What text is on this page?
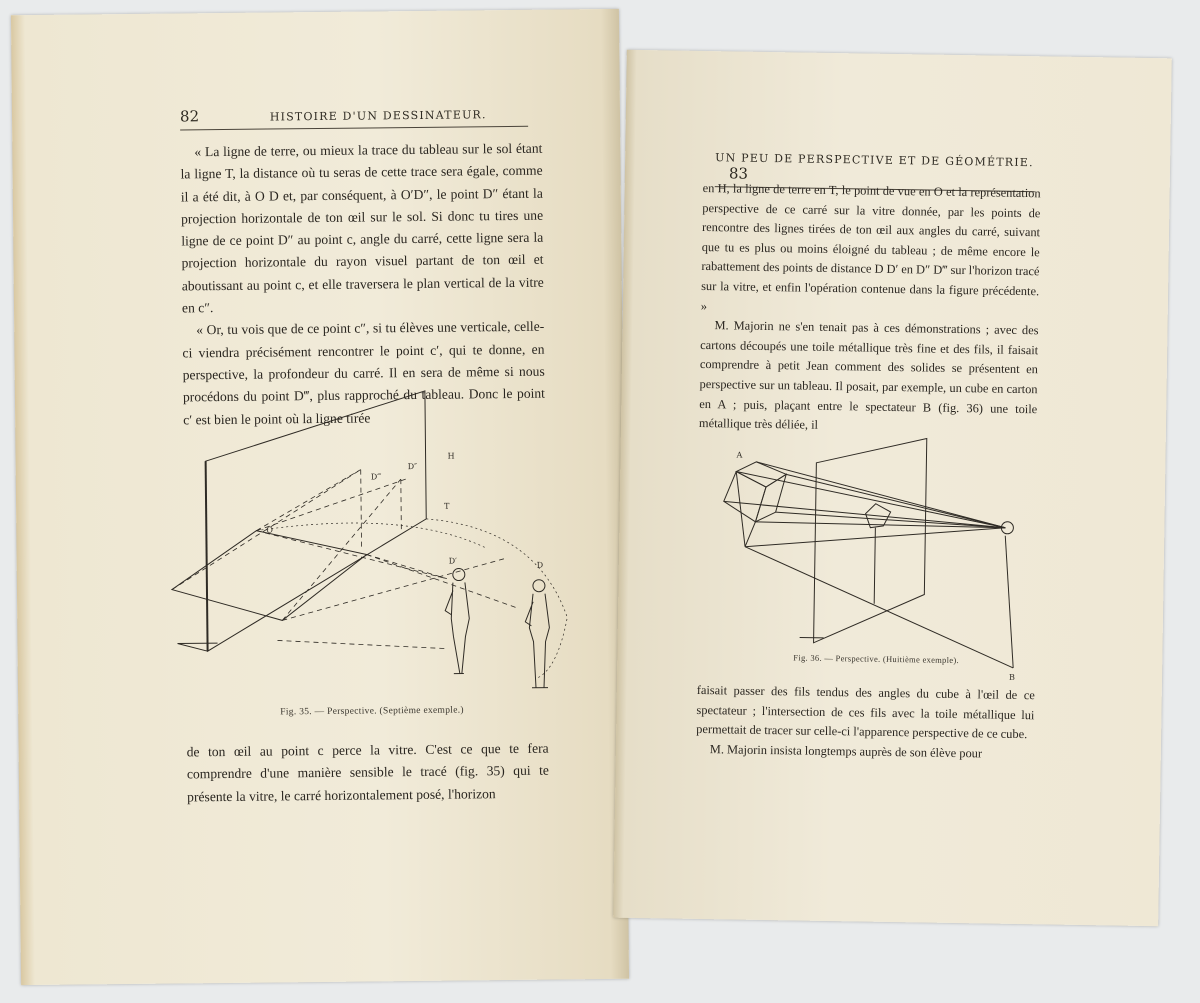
82	HISTOIRE D'UN DESSINATEUR.

« La ligne de terre, ou mieux la trace du tableau sur le sol étant la ligne T, la distance où tu seras de cette trace sera égale, comme il a été dit, à O D et, par conséquent, à O′D″, le point D″ étant la projection horizontale de ton œil sur le sol. Si donc tu tires une ligne de ce point D″ au point c, angle du carré, cette ligne sera la projection horizontale du rayon visuel partant de ton œil et aboutissant au point c, et elle traversera le plan vertical de la vitre en c″.

« Or, tu vois que de ce point c″, si tu élèves une verticale, celle-ci viendra précisément rencontrer le point c′, qui te donne, en perspective, la profondeur du carré. Il en sera de même si nous procédons du point D‴, plus rapproché du tableau. Donc le point c′ est bien le point où la ligne tirée

H
T
O
D‴
D″
D′	D
Fig. 35. — Perspective. (Septième exemple.)

de ton œil au point c perce la vitre. C'est ce que te fera comprendre d'une manière sensible le tracé (fig. 35) qui te présente la vitre, le carré horizontalement posé, l'horizon

UN PEU DE PERSPECTIVE ET DE GÉOMÉTRIE. 83

en H, la ligne de terre en T, le point de vue en O et la représentation perspective de ce carré sur la vitre donnée, par les points de rencontre des lignes tirées de ton œil aux angles du carré, suivant que tu es plus ou moins éloigné du tableau ; de même encore le rabattement des points de distance D D′ en D″ D‴ sur l'horizon tracé sur la vitre, et enfin l'opération contenue dans la figure précédente. »

M. Majorin ne s'en tenait pas à ces démonstrations ; avec des cartons découpés une toile métallique très fine et des fils, il faisait comprendre à petit Jean comment des solides se présentent en perspective sur un tableau. Il posait, par exemple, un cube en carton en A ; puis, plaçant entre le spectateur B (fig. 36) une toile métallique très déliée, il

A
B
Fig. 36. — Perspective. (Huitième exemple).

faisait passer des fils tendus des angles du cube à l'œil de ce spectateur ; l'intersection de ces fils avec la toile métallique lui permettait de tracer sur celle-ci l'apparence perspective de ce cube.

M. Majorin insista longtemps auprès de son élève pour
